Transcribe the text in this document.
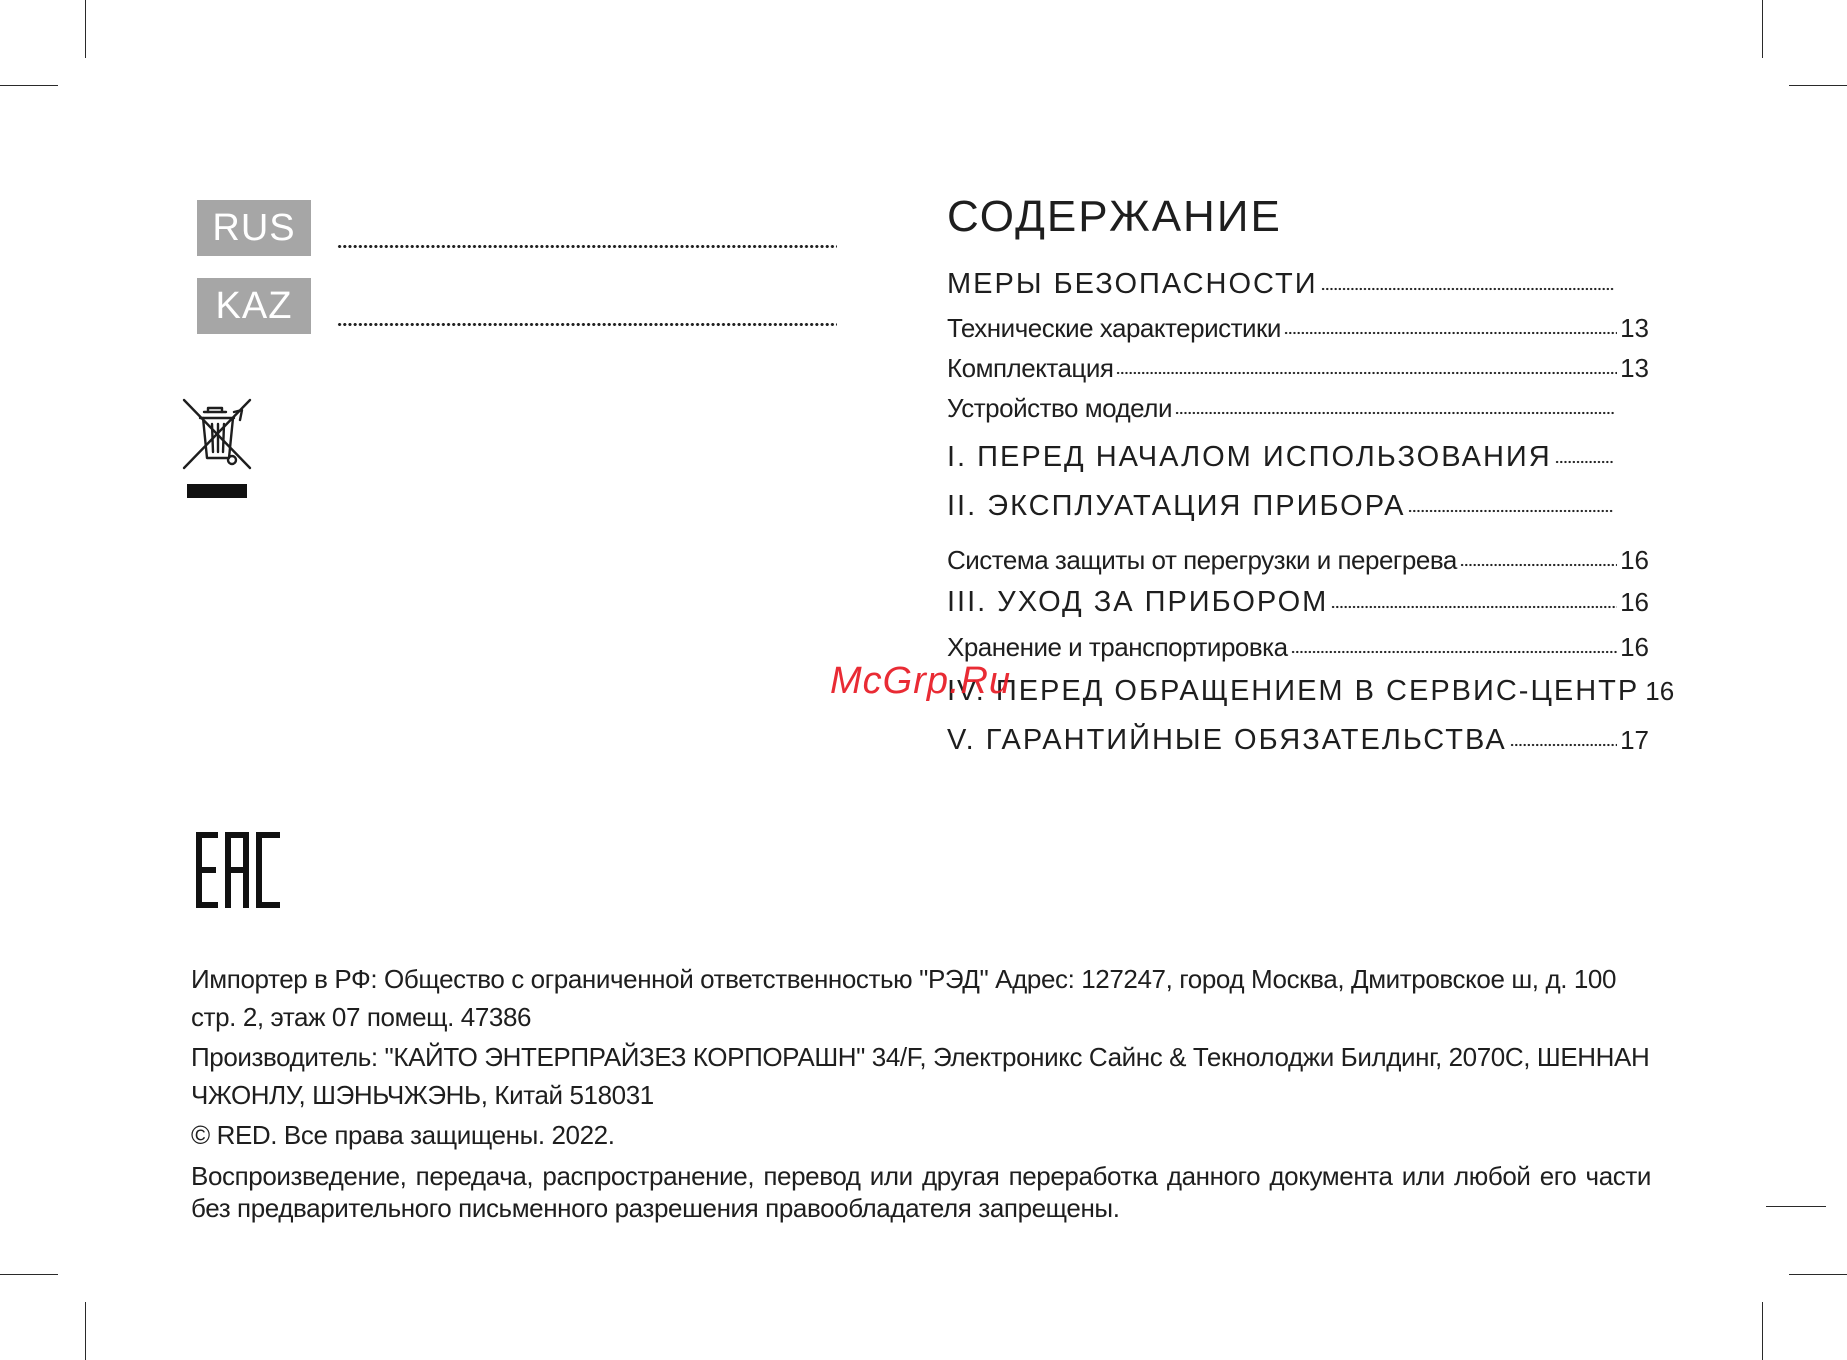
RUS
KAZ
СОДЕРЖАНИЕ
МЕРЫ БЕЗОПАСНОСТИ
Технические характеристики	13
Комплектация	13
Устройство модели
I. ПЕРЕД НАЧАЛОМ ИСПОЛЬЗОВАНИЯ
II. ЭКСПЛУАТАЦИЯ ПРИБОРА
Система защиты от перегрузки и перегрева	16
III. УХОД ЗА ПРИБОРОМ	16
Хранение и транспортировка	16
IV. ПЕРЕД ОБРАЩЕНИЕМ В СЕРВИС-ЦЕНТР 16
V. ГАРАНТИЙНЫЕ ОБЯЗАТЕЛЬСТВА	17
McGrp.Ru

Импортер в РФ: Общество с ограниченной ответственностью "РЭД" Адрес: 127247, город Москва, Дмитровское ш, д. 100 стр. 2, этаж 07 помещ. 47386

Производитель: "КАЙТО ЭНТЕРПРАЙЗЕЗ КОРПОРАШН" 34/F, Электроникс Сайнс & Текнолоджи Билдинг, 2070C, ШЕННАН ЧЖОНЛУ, ШЭНЬЧЖЭНЬ, Китай 518031

© RED. Все права защищены. 2022.

Воспроизведение, передача, распространение, перевод или другая переработка данного документа или любой его части без предварительного письменного разрешения правообладателя запрещены.
